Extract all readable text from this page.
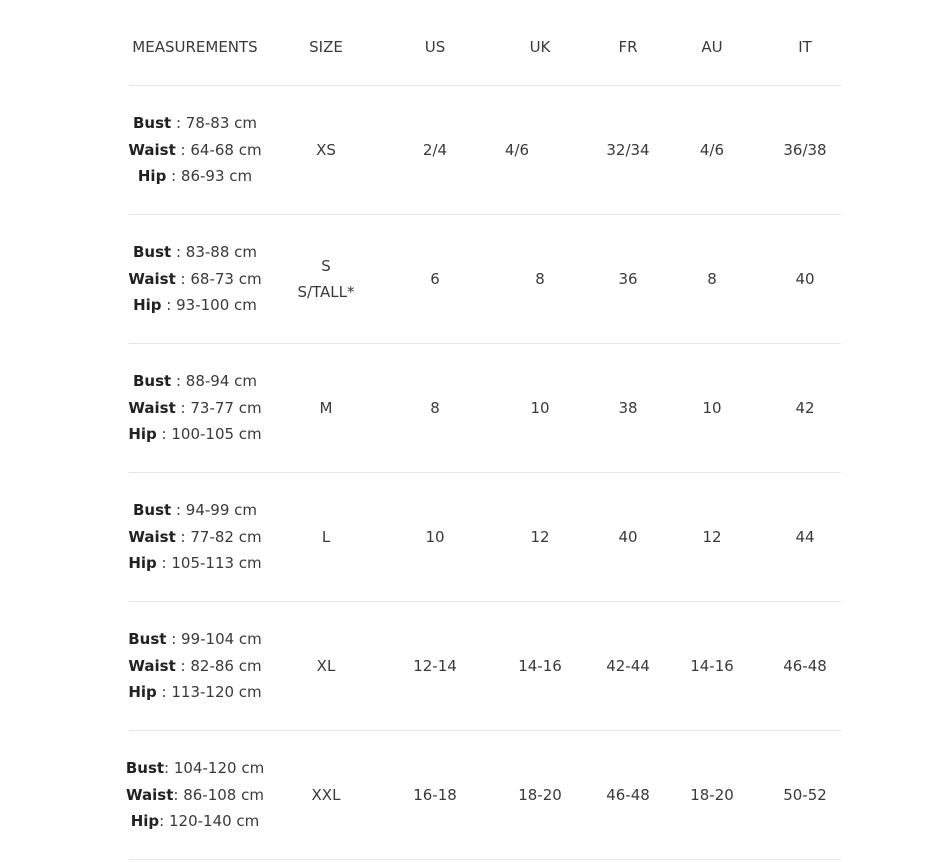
MEASUREMENTS	SIZE	US	UK	FR	AU	IT
Bust : 78-83 cm
Waist : 64-68 cm
Hip : 86-93 cm
XS	2/4	4/6	32/34	4/6	36/38
Bust : 83-88 cm
Waist : 68-73 cm
Hip : 93-100 cm
S
S/TALL*
6	8	36	8	40
Bust : 88-94 cm
Waist : 73-77 cm
Hip : 100-105 cm
M	8	10	38	10	42
Bust : 94-99 cm
Waist : 77-82 cm
Hip : 105-113 cm
L	10	12	40	12	44
Bust : 99-104 cm
Waist : 82-86 cm
Hip : 113-120 cm
XL	12-14	14-16	42-44	14-16	46-48
Bust: 104-120 cm
Waist: 86-108 cm
Hip: 120-140 cm
XXL	16-18	18-20	46-48	18-20	50-52
